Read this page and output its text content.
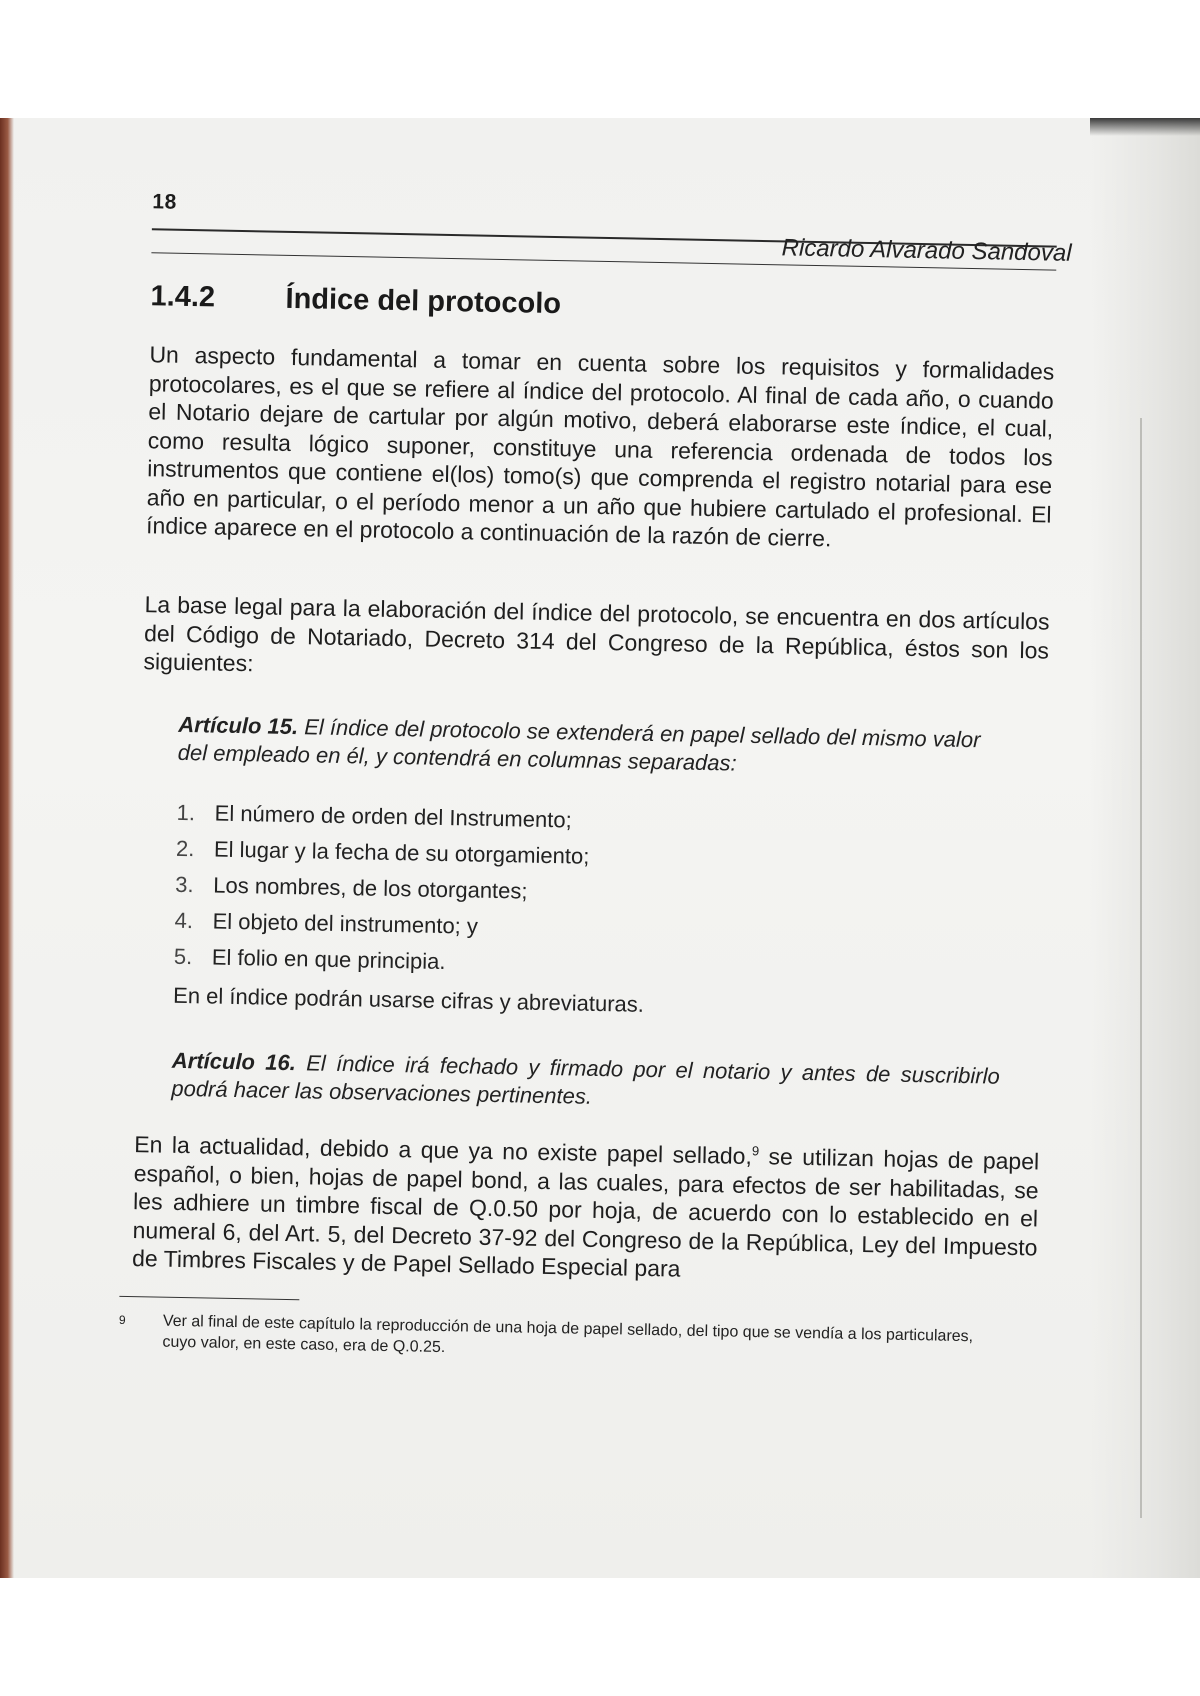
18
Ricardo Alvarado Sandoval
1.4.2 Índice del protocolo
Un aspecto fundamental a tomar en cuenta sobre los requisitos y formalidades protocolares, es el que se refiere al índice del protocolo. Al final de cada año, o cuando el Notario dejare de cartular por algún motivo, deberá elaborarse este índice, el cual, como resulta lógico suponer, constituye una referencia ordenada de todos los instrumentos que contiene el(los) tomo(s) que comprenda el registro notarial para ese año en particular, o el período menor a un año que hubiere cartulado el profesional. El índice aparece en el protocolo a continuación de la razón de cierre.
La base legal para la elaboración del índice del protocolo, se encuentra en dos artículos del Código de Notariado, Decreto 314 del Congreso de la República, éstos son los siguientes:
Artículo 15. El índice del protocolo se extenderá en papel sellado del mismo valor del empleado en él, y contendrá en columnas separadas:
1. El número de orden del Instrumento;
2. El lugar y la fecha de su otorgamiento;
3. Los nombres, de los otorgantes;
4. El objeto del instrumento; y
5. El folio en que principia.
En el índice podrán usarse cifras y abreviaturas.
Artículo 16. El índice irá fechado y firmado por el notario y antes de suscribirlo podrá hacer las observaciones pertinentes.
En la actualidad, debido a que ya no existe papel sellado,$^9$ se utilizan hojas de papel español, o bien, hojas de papel bond, a las cuales, para efectos de ser habilitadas, se les adhiere un timbre fiscal de Q.0.50 por hoja, de acuerdo con lo establecido en el numeral 6, del Art. 5, del Decreto 37-92 del Congreso de la República, Ley del Impuesto de Timbres Fiscales y de Papel Sellado Especial para
9 Ver al final de este capítulo la reproducción de una hoja de papel sellado, del tipo que se vendía a los particulares, cuyo valor, en este caso, era de Q.0.25.
